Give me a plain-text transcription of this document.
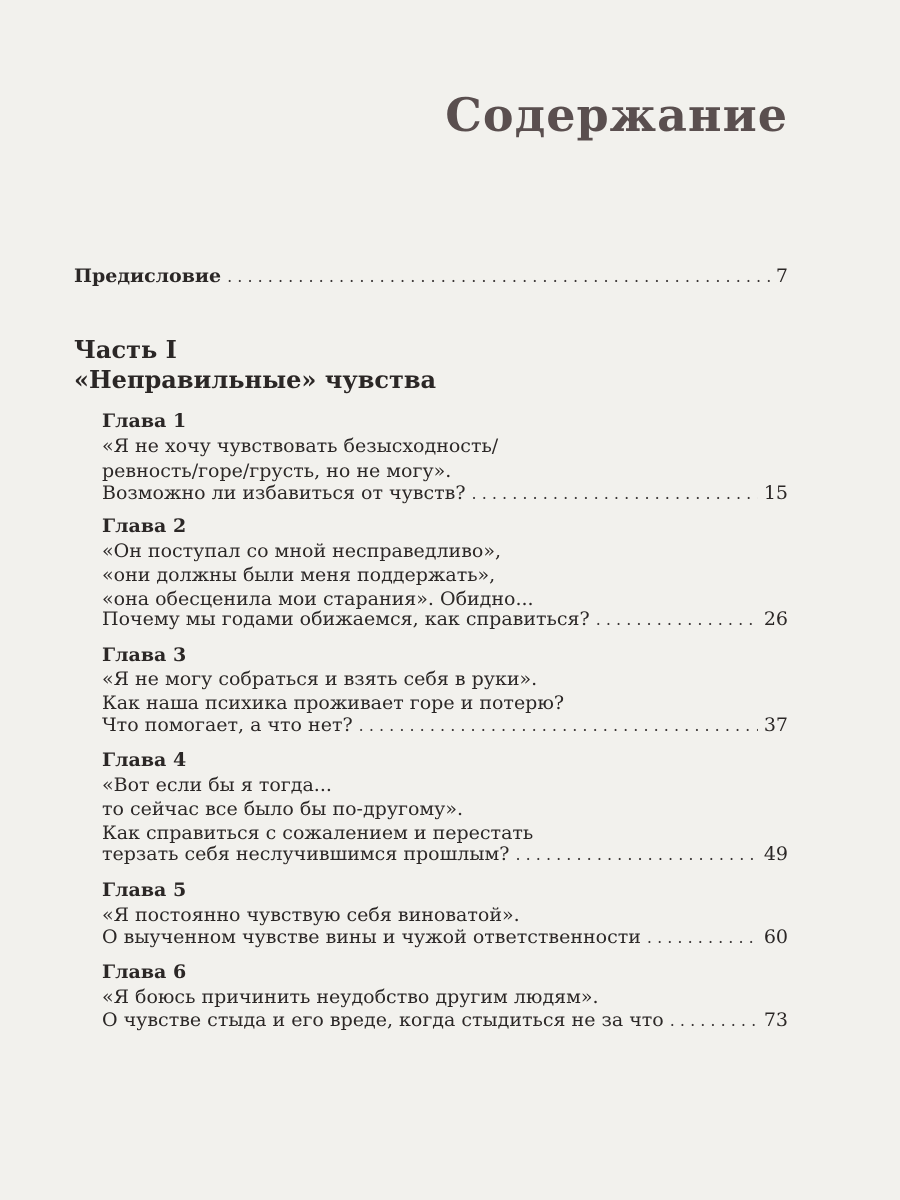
Содержание
Предисловие . . .	7
Часть I
«Неправильные» чувства
Глава 1
«Я не хочу чувствовать безысходность/
ревность/горе/грусть, но не могу».
Возможно ли избавиться от чувств? . . .	15
Глава 2
«Он поступал со мной несправедливо»,
«они должны были меня поддержать»,
«она обесценила мои старания». Обидно...
Почему мы годами обижаемся, как справиться? . . .	26
Глава 3
«Я не могу собраться и взять себя в руки».
Как наша психика проживает горе и потерю?
Что помогает, а что нет? . . .	37
Глава 4
«Вот если бы я тогда...
то сейчас все было бы по-другому».
Как справиться с сожалением и перестать
терзать себя неслучившимся прошлым? . . .	49
Глава 5
«Я постоянно чувствую себя виноватой».
О выученном чувстве вины и чужой ответственности . . .	60
Глава 6
«Я боюсь причинить неудобство другим людям».
О чувстве стыда и его вреде, когда стыдиться не за что . . .	73
